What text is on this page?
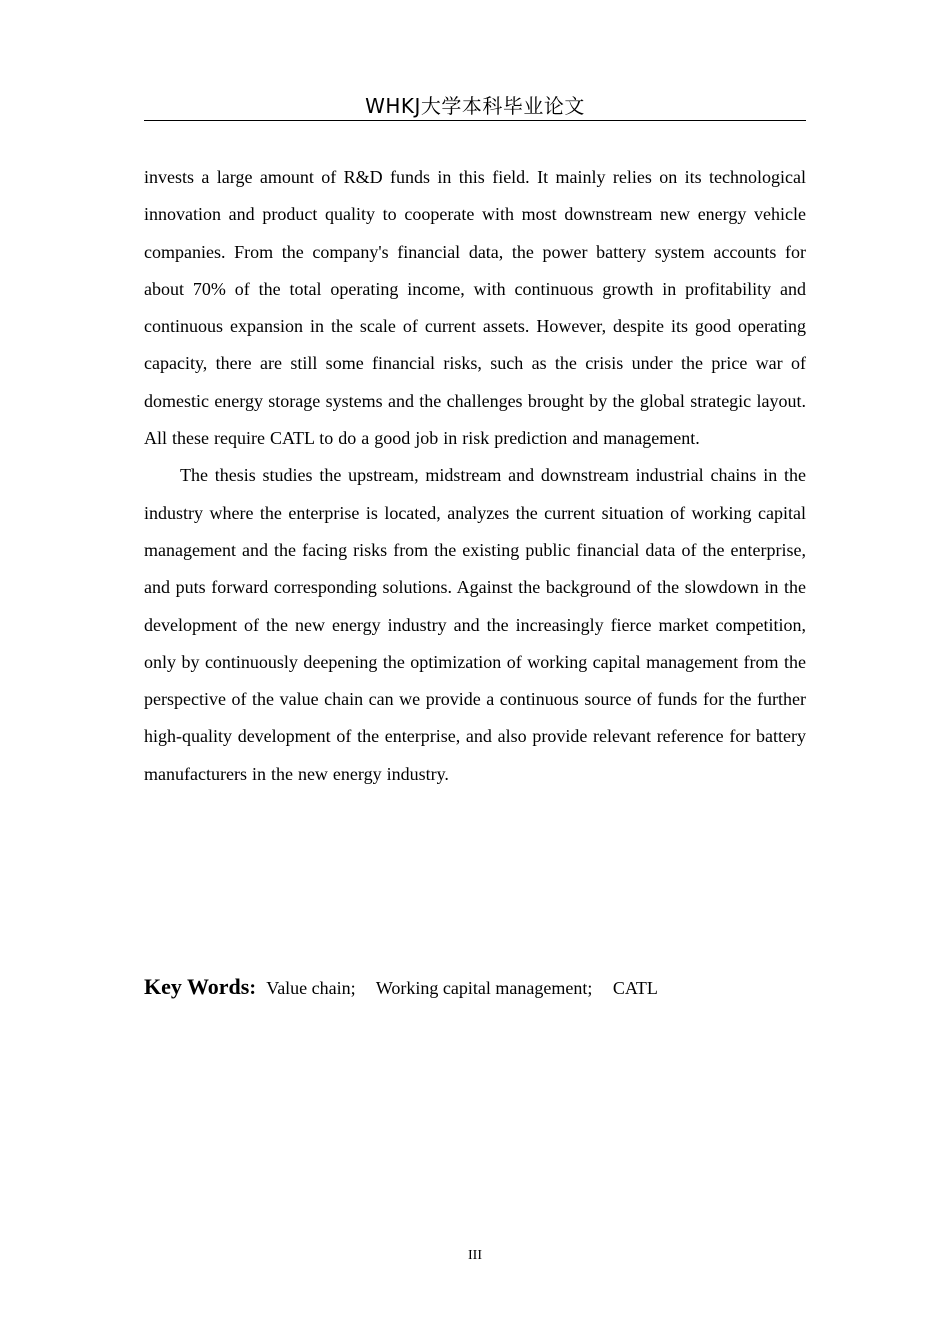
WHKJ大学本科毕业论文

invests a large amount of R&D funds in this field. It mainly relies on its technological innovation and product quality to cooperate with most downstream new energy vehicle companies. From the company's financial data, the power battery system accounts for about 70% of the total operating income, with continuous growth in profitability and continuous expansion in the scale of current assets. However, despite its good operating capacity, there are still some financial risks, such as the crisis under the price war of domestic energy storage systems and the challenges brought by the global strategic layout. All these require CATL to do a good job in risk prediction and management.

The thesis studies the upstream, midstream and downstream industrial chains in the industry where the enterprise is located, analyzes the current situation of working capital management and the facing risks from the existing public financial data of the enterprise, and puts forward corresponding solutions. Against the background of the slowdown in the development of the new energy industry and the increasingly fierce market competition, only by continuously deepening the optimization of working capital management from the perspective of the value chain can we provide a continuous source of funds for the further high-quality development of the enterprise, and also provide relevant reference for battery manufacturers in the new energy industry.

Key Words: Value chain; Working capital management; CATL
III
